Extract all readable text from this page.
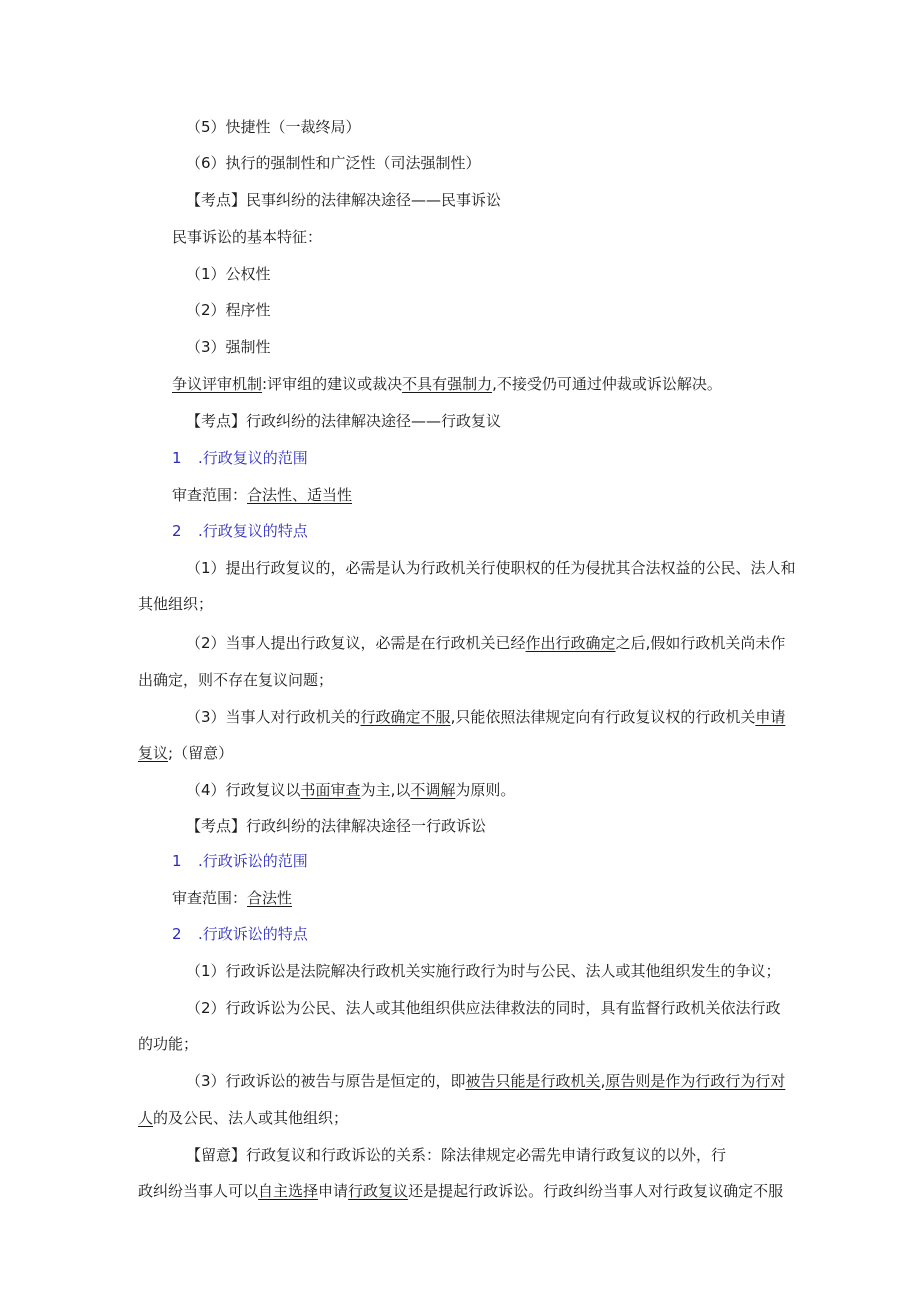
（5）快捷性（一裁终局）
（6）执行的强制性和广泛性（司法强制性）
【考点】民事纠纷的法律解决途径——民事诉讼
民事诉讼的基本特征：
（1）公权性
（2）程序性
（3）强制性
争议评审机制:评审组的建议或裁决不具有强制力,不接受仍可通过仲裁或诉讼解决。
【考点】行政纠纷的法律解决途径——行政复议
1 .行政复议的范围
审查范围：合法性、适当性
2 .行政复议的特点
（1）提出行政复议的，必需是认为行政机关行使职权的任为侵扰其合法权益的公民、法人和
其他组织；
（2）当事人提出行政复议，必需是在行政机关已经作出行政确定之后,假如行政机关尚未作
出确定，则不存在复议问题；
（3）当事人对行政机关的行政确定不服,只能依照法律规定向有行政复议权的行政机关申请
复议;（留意）
（4）行政复议以书面审查为主,以不调解为原则。
【考点】行政纠纷的法律解决途径一行政诉讼
1 .行政诉讼的范围
审查范围：合法性
2 .行政诉讼的特点
（1）行政诉讼是法院解决行政机关实施行政行为时与公民、法人或其他组织发生的争议；
（2）行政诉讼为公民、法人或其他组织供应法律救法的同时，具有监督行政机关依法行政
的功能；
（3）行政诉讼的被告与原告是恒定的，即被告只能是行政机关,原告则是作为行政行为行对
人的及公民、法人或其他组织；
【留意】行政复议和行政诉讼的关系：除法律规定必需先申请行政复议的以外，行
政纠纷当事人可以自主选择申请行政复议还是提起行政诉讼。行政纠纷当事人对行政复议确定不服
